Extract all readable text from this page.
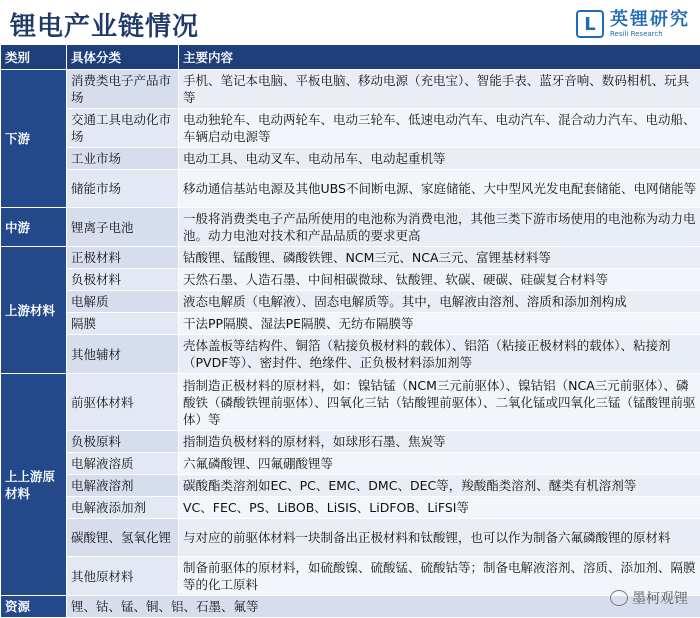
锂电产业链情况	L 英锂研究
Resili Research
类别	具体分类	主要内容
下游	消费类电子产品市场	手机、笔记本电脑、平板电脑、移动电源（充电宝）、智能手表、蓝牙音响、数码相机、玩具等
	交通工具电动化市场	电动独轮车、电动两轮车、电动三轮车、低速电动汽车、电动汽车、混合动力汽车、电动船、车辆启动电源等
	工业市场	电动工具、电动叉车、电动吊车、电动起重机等
	储能市场	移动通信基站电源及其他UBS不间断电源、家庭储能、大中型风光发电配套储能、电网储能等
中游	锂离子电池	一般将消费类电子产品所使用的电池称为消费电池，其他三类下游市场使用的电池称为动力电池。动力电池对技术和产品品质的要求更高
上游材料	正极材料	钴酸锂、锰酸锂、磷酸铁锂、NCM三元、NCA三元、富锂基材料等
	负极材料	天然石墨、人造石墨、中间相碳微球、钛酸锂、软碳、硬碳、硅碳复合材料等
	电解质	液态电解质（电解液）、固态电解质等。其中，电解液由溶剂、溶质和添加剂构成
	隔膜	干法PP隔膜、湿法PE隔膜、无纺布隔膜等
	其他辅材	壳体盖板等结构件、铜箔（粘接负极材料的载体）、铝箔（粘接正极材料的载体）、粘接剂（PVDF等）、密封件、绝缘件、正负极材料添加剂等
上上游原材料	前驱体材料	指制造正极材料的原材料，如：镍钴锰（NCM三元前驱体）、镍钴铝（NCA三元前驱体）、磷酸铁（磷酸铁锂前驱体）、四氧化三钴（钴酸锂前驱体）、二氧化锰或四氧化三锰（锰酸锂前驱体）等
	负极原料	指制造负极材料的原材料，如球形石墨、焦炭等
	电解液溶质	六氟磷酸锂、四氟硼酸锂等
	电解液溶剂	碳酸酯类溶剂如EC、PC、EMC、DMC、DEC等，羧酸酯类溶剂、醚类有机溶剂等
	电解液添加剂	VC、FEC、PS、LiBOB、LiSIS、LiDFOB、LiFSI等
	碳酸锂、氢氧化锂	与对应的前驱体材料一块制备出正极材料和钛酸锂，也可以作为制备六氟磷酸锂的原材料
	其他原材料	制备前驱体的原材料，如硫酸镍、硫酸锰、硫酸钴等；制备电解液溶剂、溶质、添加剂、隔膜等的化工原料
资源	锂、钴、锰、铜、铝、石墨、氟等		墨柯观锂
